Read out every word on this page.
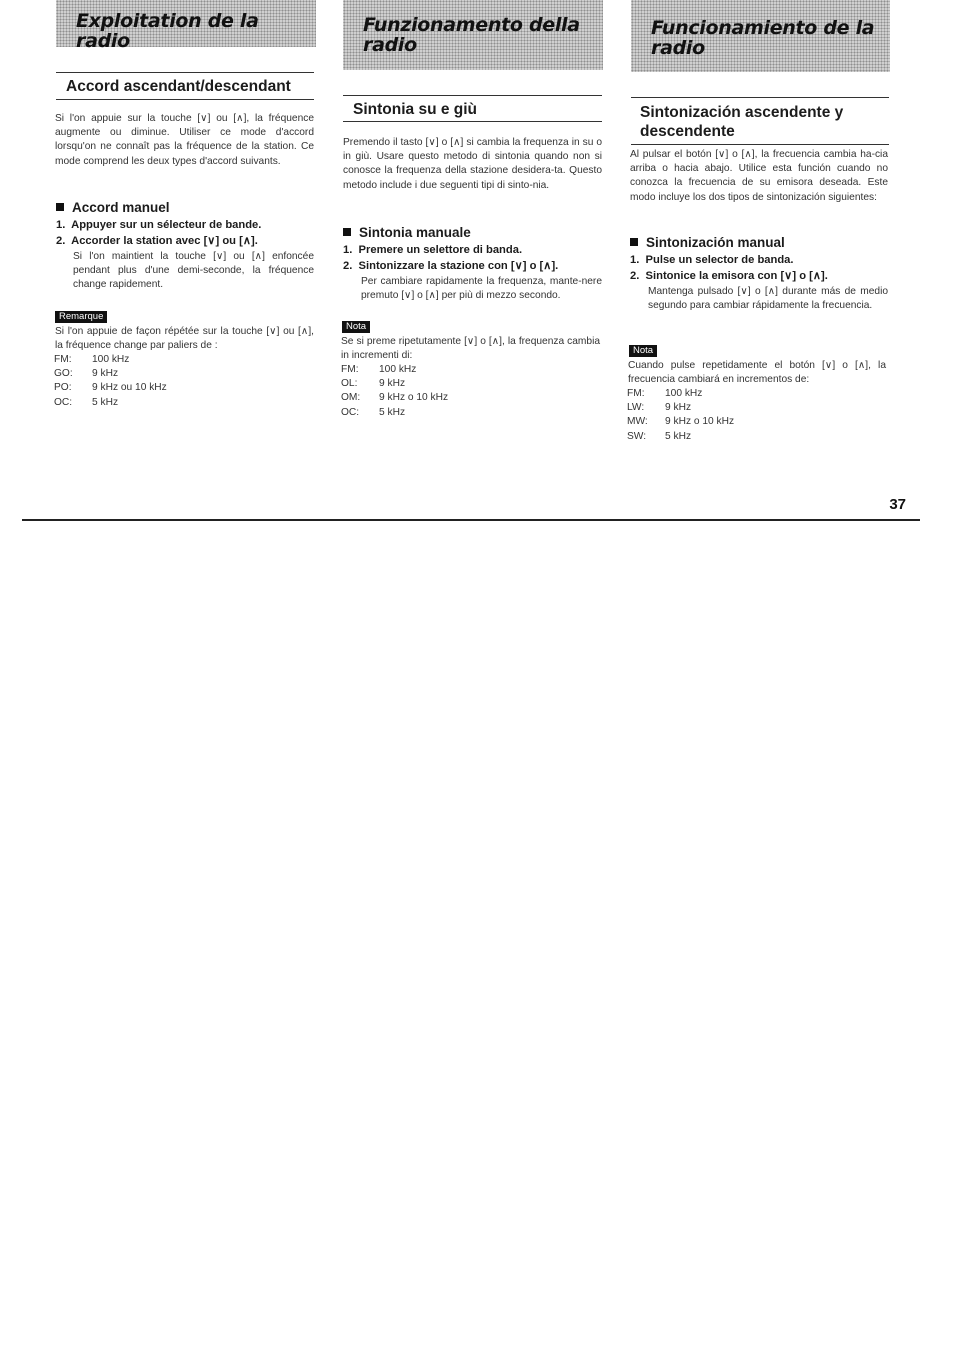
Exploitation de la radio
Accord ascendant/descendant

Si l'on appuie sur la touche [∨] ou [∧], la fréquence augmente ou diminue. Utiliser ce mode d'accord lorsqu'on ne connaît pas la fréquence de la station. Ce mode comprend les deux types d'accord suivants.

Accord manuel

1.  Appuyer sur un sélecteur de bande.

2.  Accorder la station avec [∨] ou [∧].

Si l'on maintient la touche [∨] ou [∧] enfoncée pendant plus d'une demi-seconde, la fréquence change rapidement.

Remarque

Si l'on appuie de façon répétée sur la touche [∨] ou [∧], la fréquence change par paliers de :

FM:	100 kHz
GO:	9 kHz
PO:	9 kHz ou 10 kHz
OC:	5 kHz
Funzionamento della
radio
Sintonia su e giù

Premendo il tasto [∨] o [∧] si cambia la frequenza in su o in giù. Usare questo metodo di sintonia quando non si conosce la frequenza della stazione desidera-ta. Questo metodo include i due seguenti tipi di sinto-nia.

Sintonia manuale

1.  Premere un selettore di banda.

2.  Sintonizzare la stazione con [∨] o [∧].

Per cambiare rapidamente la frequenza, mante-nere premuto [∨] o [∧] per più di mezzo secondo.

Nota

Se si preme ripetutamente [∨] o [∧], la frequenza cambia in incrementi di:

FM:	100 kHz
OL:	9 kHz
OM:	9 kHz o 10 kHz
OC:	5 kHz
Funcionamiento de la
radio
Sintonización ascendente y
descendente

Al pulsar el botón [∨] o [∧], la frecuencia cambia ha-cia arriba o hacia abajo. Utilice esta función cuando no conozca la frecuencia de su emisora deseada. Este modo incluye los dos tipos de sintonización siguientes:

Sintonización manual

1.  Pulse un selector de banda.

2.  Sintonice la emisora con [∨] o [∧].

Mantenga pulsado [∨] o [∧] durante más de medio segundo para cambiar rápidamente la frecuencia.

Nota

Cuando pulse repetidamente el botón [∨] o [∧], la frecuencia cambiará en incrementos de:

FM:	100 kHz
LW:	9 kHz
MW:	9 kHz o 10 kHz
SW:	5 kHz
37
